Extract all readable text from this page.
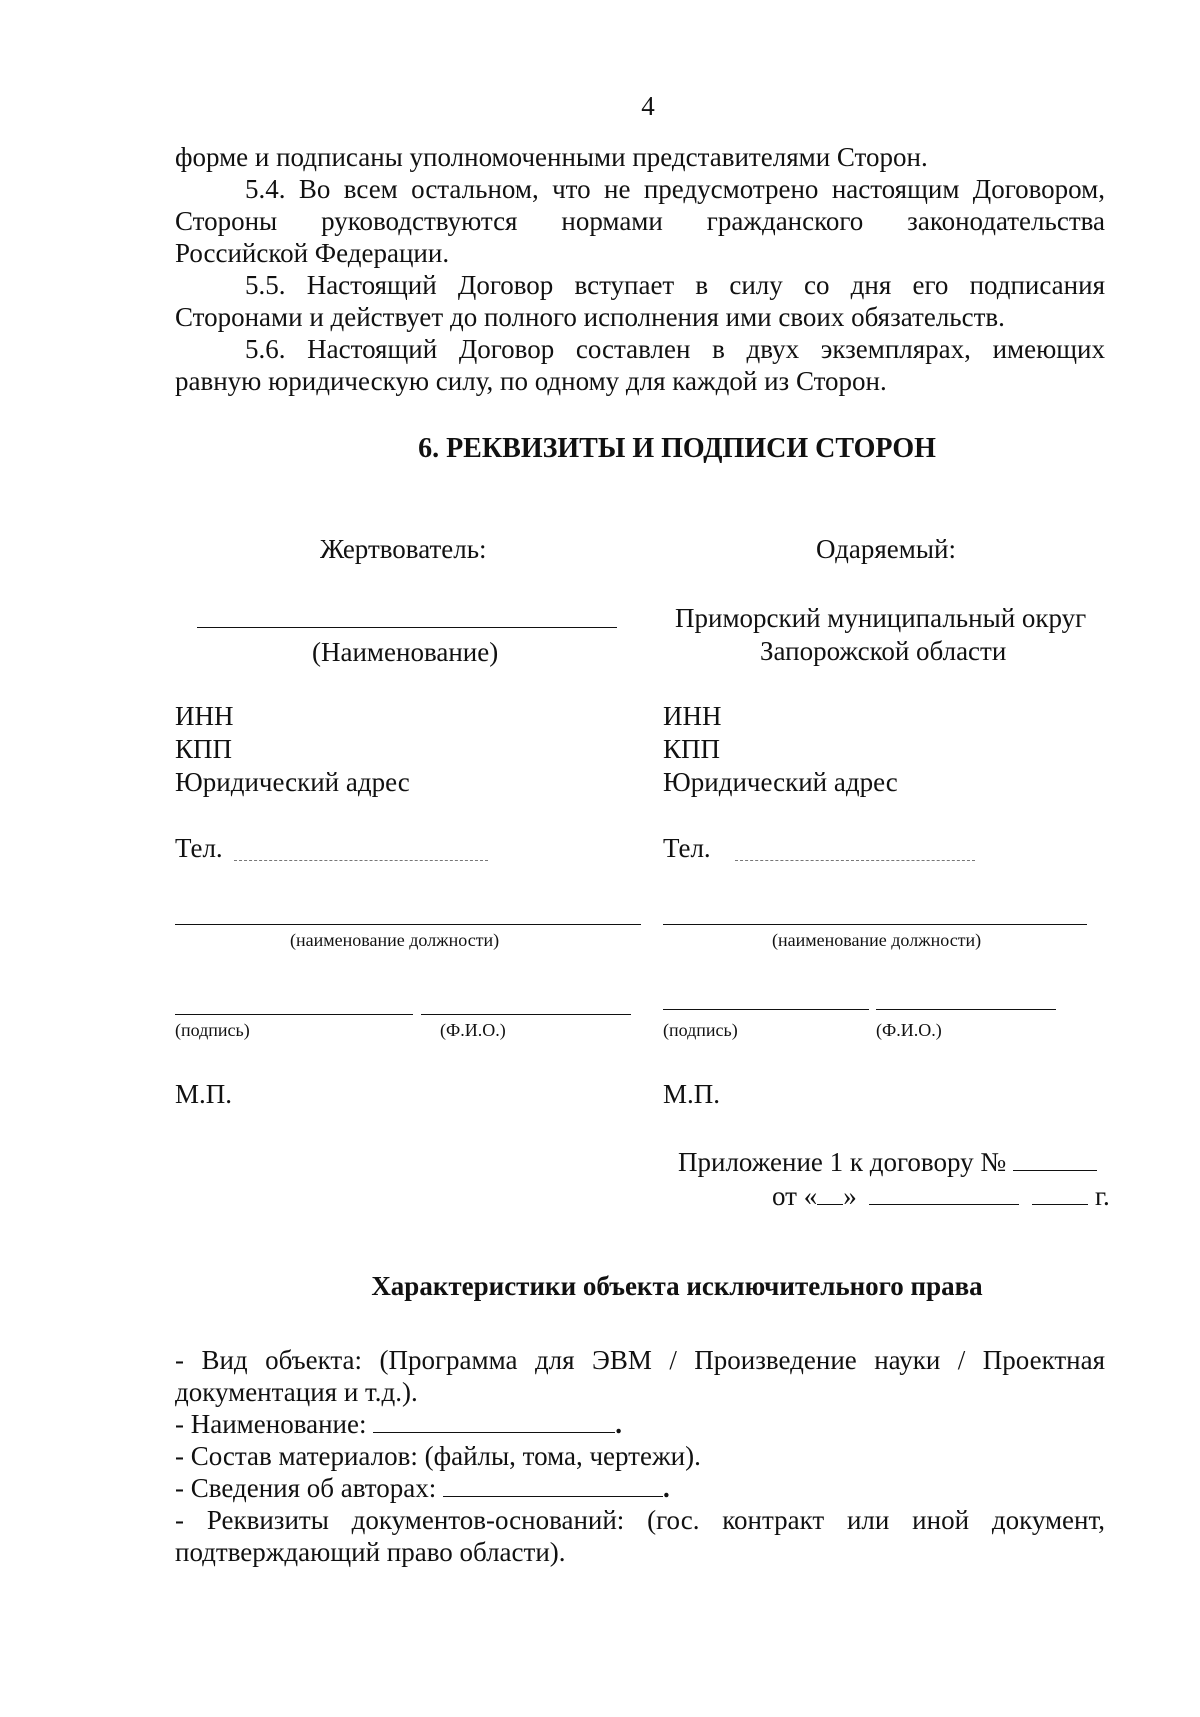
4
форме и подписаны уполномоченными представителями Сторон.
5.4. Во всем остальном, что не предусмотрено настоящим Договором,
Стороны руководствуются нормами гражданского законодательства
Российской Федерации.
5.5. Настоящий Договор вступает в силу со дня его подписания
Сторонами и действует до полного исполнения ими своих обязательств.
5.6. Настоящий Договор составлен в двух экземплярах, имеющих
равную юридическую силу, по одному для каждой из Сторон.
6. РЕКВИЗИТЫ И ПОДПИСИ СТОРОН
Жертвователь:
(Наименование)
ИНН
КПП
Юридический адрес
Тел.
(наименование должности)
(подпись)	(Ф.И.О.)
М.П.
Одаряемый:
Приморский муниципальный округ
Запорожской области
ИНН
КПП
Юридический адрес
Тел.
(наименование должности)
(подпись)	(Ф.И.О.)
М.П.
Приложение 1 к договору №
от « »	г.
Характеристики объекта исключительного права
- Вид объекта: (Программа для ЭВМ / Произведение науки / Проектная
документация и т.д.).
- Наименование:	.
- Состав материалов: (файлы, тома, чертежи).
- Сведения об авторах:	.
- Реквизиты документов-оснований: (гос. контракт или иной документ,
подтверждающий право области).
